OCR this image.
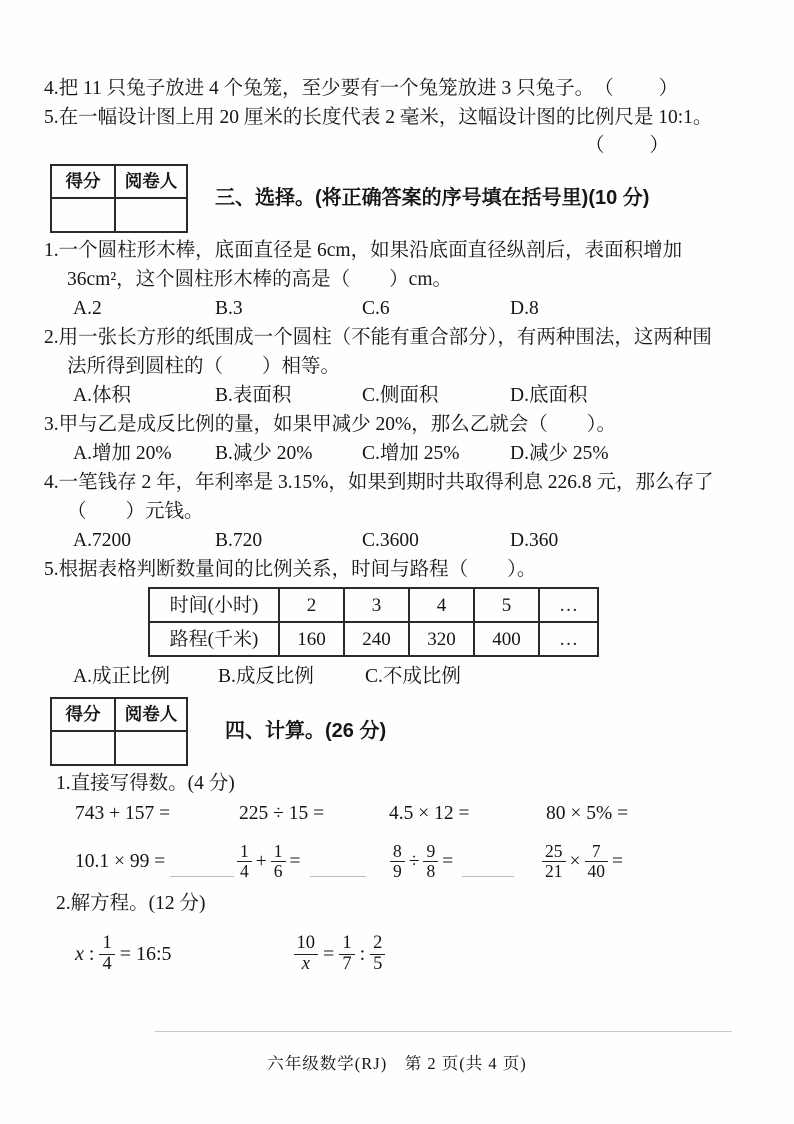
4.把 11 只兔子放进 4 个兔笼，至少要有一个兔笼放进 3 只兔子。 （　　）
5.在一幅设计图上用 20 厘米的长度代表 2 毫米，这幅设计图的比例尺是 10:1。
（　　）
得分	阅卷人

三、选择。(将正确答案的序号填在括号里)(10 分)
1.一个圆柱形木棒，底面直径是 6cm，如果沿底面直径纵剖后，表面积增加
36cm²，这个圆柱形木棒的高是（　　）cm。
A.2	B.3	C.6	D.8
2.用一张长方形的纸围成一个圆柱（不能有重合部分），有两种围法，这两种围
法所得到圆柱的（　　）相等。
A.体积	B.表面积	C.侧面积	D.底面积
3.甲与乙是成反比例的量，如果甲减少 20%，那么乙就会（　　）。
A.增加 20%	B.减少 20%	C.增加 25%	D.减少 25%
4.一笔钱存 2 年，年利率是 3.15%，如果到期时共取得利息 226.8 元，那么存了
（　　）元钱。
A.7200	B.720	C.3600	D.360
5.根据表格判断数量间的比例关系，时间与路程（　　）。
时间(小时)	2	3	4	5	…
路程(千米)	160	240	320	400	…
A.成正比例	B.成反比例	C.不成比例
得分	阅卷人

四、计算。(26 分)
1.直接写得数。(4 分)
743 + 157 =	225 ÷ 15 =	4.5 × 12 =	80 × 5% =
10.1 × 99 =	$\frac{1}{4} + \frac{1}{6}$ =	$\frac{8}{9} \div \frac{9}{8}$ =	$\frac{25}{21} \times \frac{7}{40}$ =
2.解方程。(12 分)
x : $\frac{1}{4}$ = 16:5	$\frac{10}{x} = \frac{1}{7}$ : $\frac{2}{5}$
六年级数学(RJ)　第 2 页(共 4 页)
